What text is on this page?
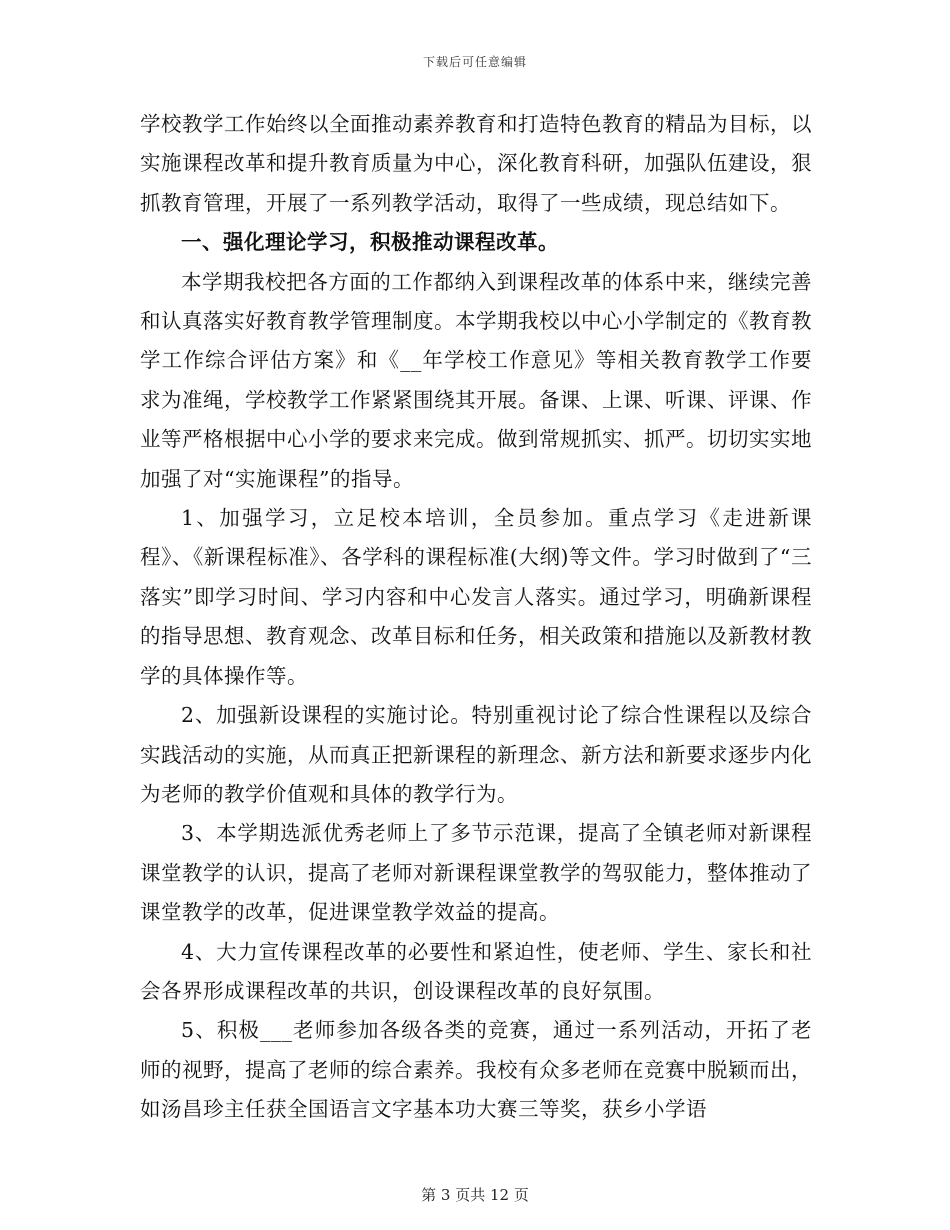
下载后可任意编辑

学校教学工作始终以全面推动素养教育和打造特色教育的精品为目标，以实施课程改革和提升教育质量为中心，深化教育科研，加强队伍建设，狠抓教育管理，开展了一系列教学活动，取得了一些成绩，现总结如下。

一、强化理论学习，积极推动课程改革。

本学期我校把各方面的工作都纳入到课程改革的体系中来，继续完善和认真落实好教育教学管理制度。本学期我校以中心小学制定的《教育教学工作综合评估方案》和《__年学校工作意见》等相关教育教学工作要求为准绳，学校教学工作紧紧围绕其开展。备课、上课、听课、评课、作业等严格根据中心小学的要求来完成。做到常规抓实、抓严。切切实实地加强了对“实施课程”的指导。

1、加强学习，立足校本培训，全员参加。重点学习《走进新课程》、《新课程标准》、各学科的课程标准(大纲)等文件。学习时做到了“三落实”即学习时间、学习内容和中心发言人落实。通过学习，明确新课程的指导思想、教育观念、改革目标和任务，相关政策和措施以及新教材教学的具体操作等。

2、加强新设课程的实施讨论。特别重视讨论了综合性课程以及综合实践活动的实施，从而真正把新课程的新理念、新方法和新要求逐步内化为老师的教学价值观和具体的教学行为。

3、本学期选派优秀老师上了多节示范课，提高了全镇老师对新课程课堂教学的认识，提高了老师对新课程课堂教学的驾驭能力，整体推动了课堂教学的改革，促进课堂教学效益的提高。

4、大力宣传课程改革的必要性和紧迫性，使老师、学生、家长和社会各界形成课程改革的共识，创设课程改革的良好氛围。

5、积极___老师参加各级各类的竞赛，通过一系列活动，开拓了老师的视野，提高了老师的综合素养。我校有众多老师在竞赛中脱颖而出，如汤昌珍主任获全国语言文字基本功大赛三等奖，获乡小学语

第 3 页共 12 页
